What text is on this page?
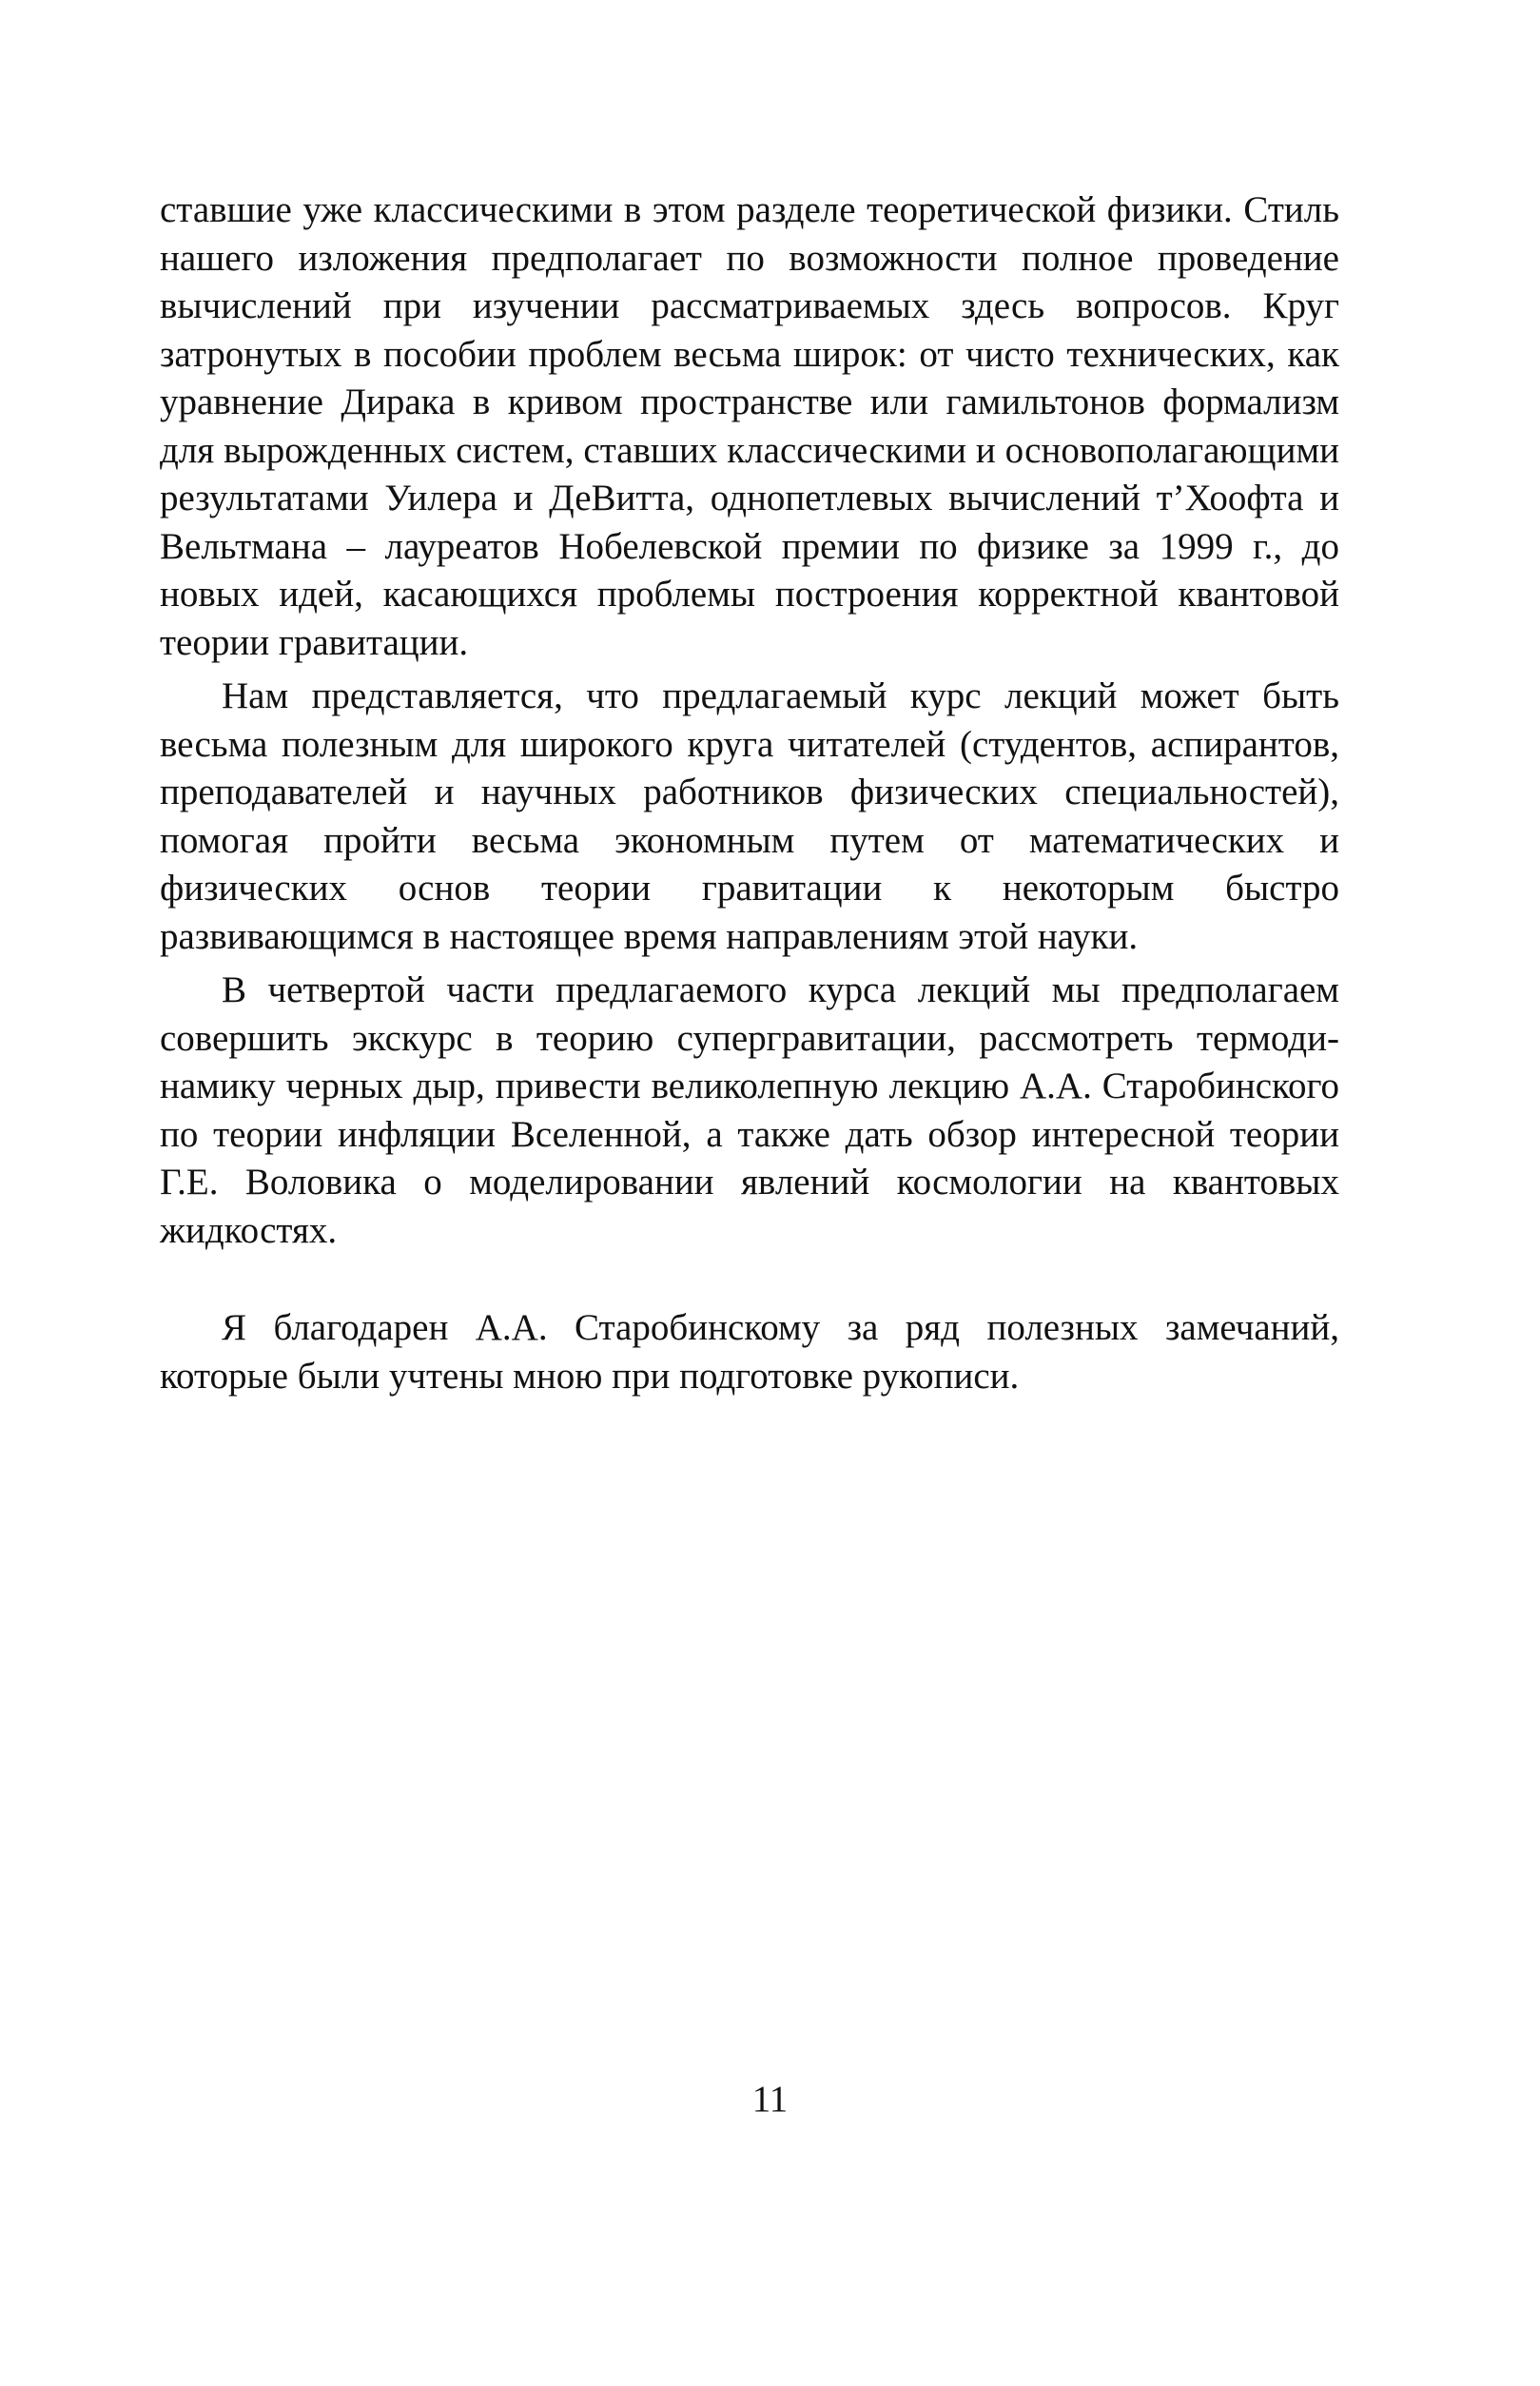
ставшие уже классическими в этом разделе теоретической физики. Стиль нашего изложения предполагает по возможности полное проведение вычислений при изучении рассматриваемых здесь вопросов. Круг затронутых в пособии проблем весьма широк: от чисто технических, как уравнение Дирака в кривом пространстве или гамильтонов формализм для вырожденных систем, ставших классическими и основополагающими результатами Уилера и ДеВитта, однопетлевых вычислений т’Хоофта и Вельтмана – лауреатов Нобелевской премии по физике за 1999 г., до новых идей, касающихся проблемы построения корректной квантовой теории гравитации.

Нам представляется, что предлагаемый курс лекций может быть весьма полезным для широкого круга читателей (студентов, аспирантов, преподавателей и научных работников физических специальностей), помогая пройти весьма экономным путем от математических и физических основ теории гравитации к некоторым быстро развивающимся в настоящее время направлениям этой науки.

В четвертой части предлагаемого курса лекций мы предполагаем совершить экскурс в теорию супергравитации, рассмотреть термодинамику черных дыр, привести великолепную лекцию А.А. Старобинского по теории инфляции Вселенной, а также дать обзор интересной теории Г.Е. Воловика о моделировании явлений космологии на квантовых жидкостях.

Я благодарен А.А. Старобинскому за ряд полезных замечаний, которые были учтены мною при подготовке рукописи.

11
